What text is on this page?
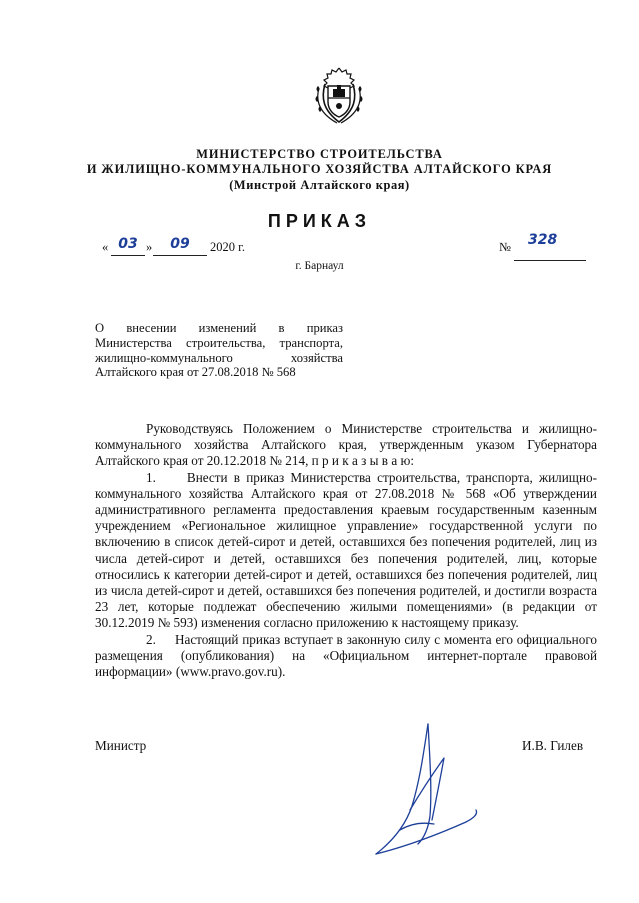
МИНИСТЕРСТВО СТРОИТЕЛЬСТВА
И ЖИЛИЩНО-КОММУНАЛЬНОГО ХОЗЯЙСТВА АЛТАЙСКОГО КРАЯ
(Минстрой Алтайского края)
ПРИКАЗ
« 03 »	09	2020 г.	№ 328
г. Барнаул
О внесении изменений в приказ Министерства строительства, транспорта, жилищно-коммунального хозяйства Алтайского края от 27.08.2018 № 568

Руководствуясь Положением о Министерстве строительства и жилищно-коммунального хозяйства Алтайского края, утвержденным указом Губернатора Алтайского края от 20.12.2018 № 214, п р и к а з ы в а ю:

1.     Внести в приказ Министерства строительства, транспорта, жилищно-коммунального хозяйства Алтайского края от 27.08.2018 № 568 «Об утверждении административного регламента предоставления краевым государственным казенным учреждением «Региональное жилищное управление» государственной услуги по включению в список детей-сирот и детей, оставшихся без попечения родителей, лиц из числа детей-сирот и детей, оставшихся без попечения родителей, лиц, которые относились к категории детей-сирот и детей, оставшихся без попечения родителей, лиц из числа детей-сирот и детей, оставшихся без попечения родителей, и достигли возраста 23 лет, которые подлежат обеспечению жилыми помещениями» (в редакции от 30.12.2019 № 593) изменения согласно приложению к настоящему приказу.

2.     Настоящий приказ вступает в законную силу с момента его официального размещения (опубликования) на «Официальном интернет-портале правовой информации» (www.pravo.gov.ru).

Министр	И.В. Гилев
